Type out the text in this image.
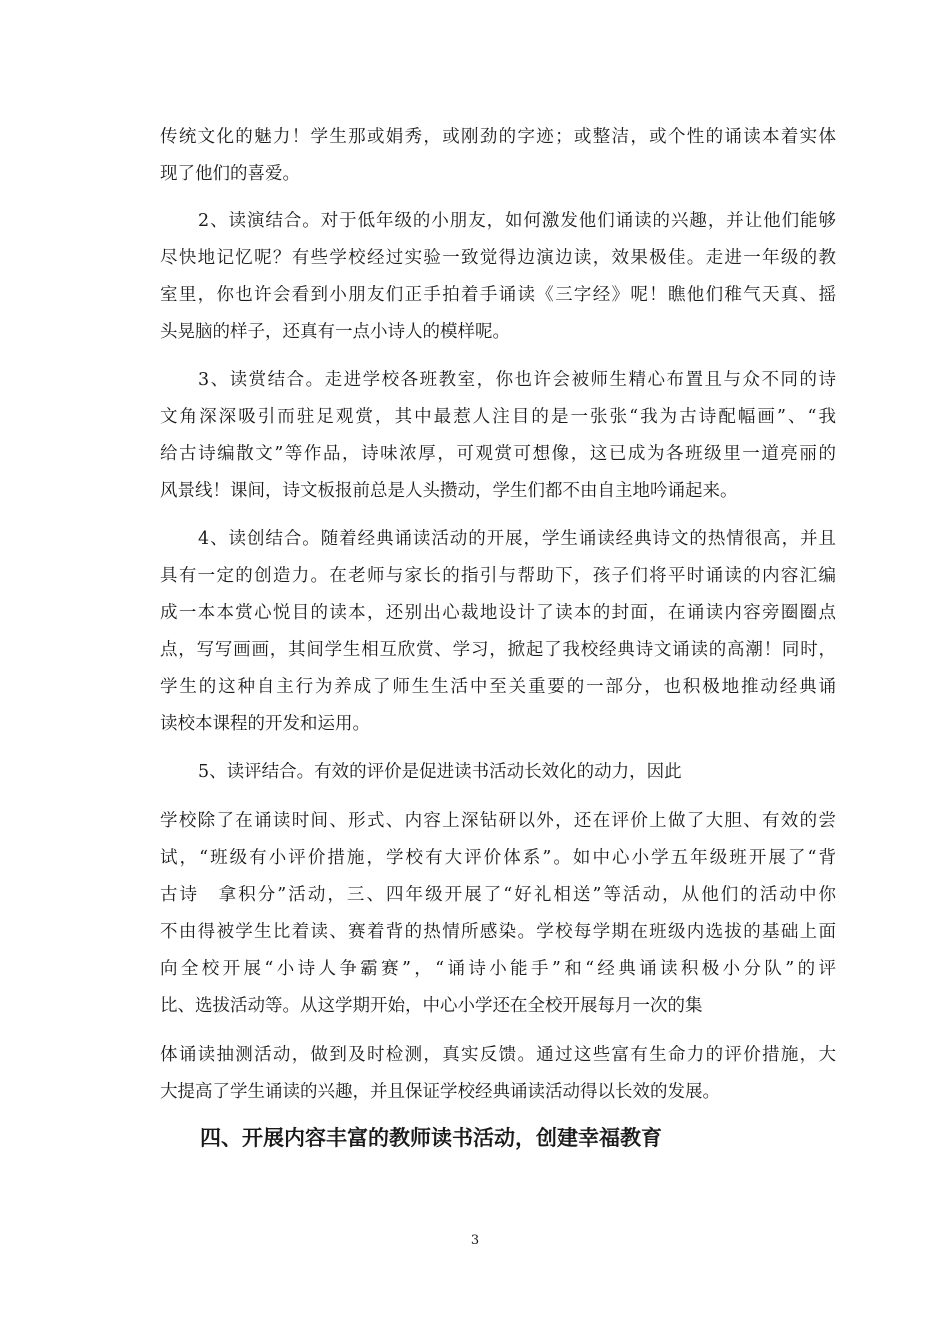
传统文化的魅力！学生那或娟秀，或刚劲的字迹；或整洁，或个性的诵读本着实体
现了他们的喜爱。
2、读演结合。对于低年级的小朋友，如何激发他们诵读的兴趣，并让他们能够
尽快地记忆呢？有些学校经过实验一致觉得边演边读，效果极佳。走进一年级的教
室里，你也许会看到小朋友们正手拍着手诵读《三字经》呢！瞧他们稚气天真、摇
头晃脑的样子，还真有一点小诗人的模样呢。
3、读赏结合。走进学校各班教室，你也许会被师生精心布置且与众不同的诗
文角深深吸引而驻足观赏，其中最惹人注目的是一张张“我为古诗配幅画”、“我
给古诗编散文”等作品，诗味浓厚，可观赏可想像，这已成为各班级里一道亮丽的
风景线！课间，诗文板报前总是人头攒动，学生们都不由自主地吟诵起来。
4、读创结合。随着经典诵读活动的开展，学生诵读经典诗文的热情很高，并且
具有一定的创造力。在老师与家长的指引与帮助下，孩子们将平时诵读的内容汇编
成一本本赏心悦目的读本，还别出心裁地设计了读本的封面，在诵读内容旁圈圈点
点，写写画画，其间学生相互欣赏、学习，掀起了我校经典诗文诵读的高潮！同时，
学生的这种自主行为养成了师生生活中至关重要的一部分，也积极地推动经典诵
读校本课程的开发和运用。
5、读评结合。有效的评价是促进读书活动长效化的动力，因此
学校除了在诵读时间、形式、内容上深钻研以外，还在评价上做了大胆、有效的尝
试，“班级有小评价措施，学校有大评价体系”。如中心小学五年级班开展了“背
古诗　拿积分”活动，三、四年级开展了“好礼相送”等活动，从他们的活动中你
不由得被学生比着读、赛着背的热情所感染。学校每学期在班级内选拔的基础上面
向全校开展“小诗人争霸赛”，“诵诗小能手”和“经典诵读积极小分队”的评
比、选拔活动等。从这学期开始，中心小学还在全校开展每月一次的集
体诵读抽测活动，做到及时检测，真实反馈。通过这些富有生命力的评价措施，大
大提高了学生诵读的兴趣，并且保证学校经典诵读活动得以长效的发展。
四、开展内容丰富的教师读书活动，创建幸福教育
3
